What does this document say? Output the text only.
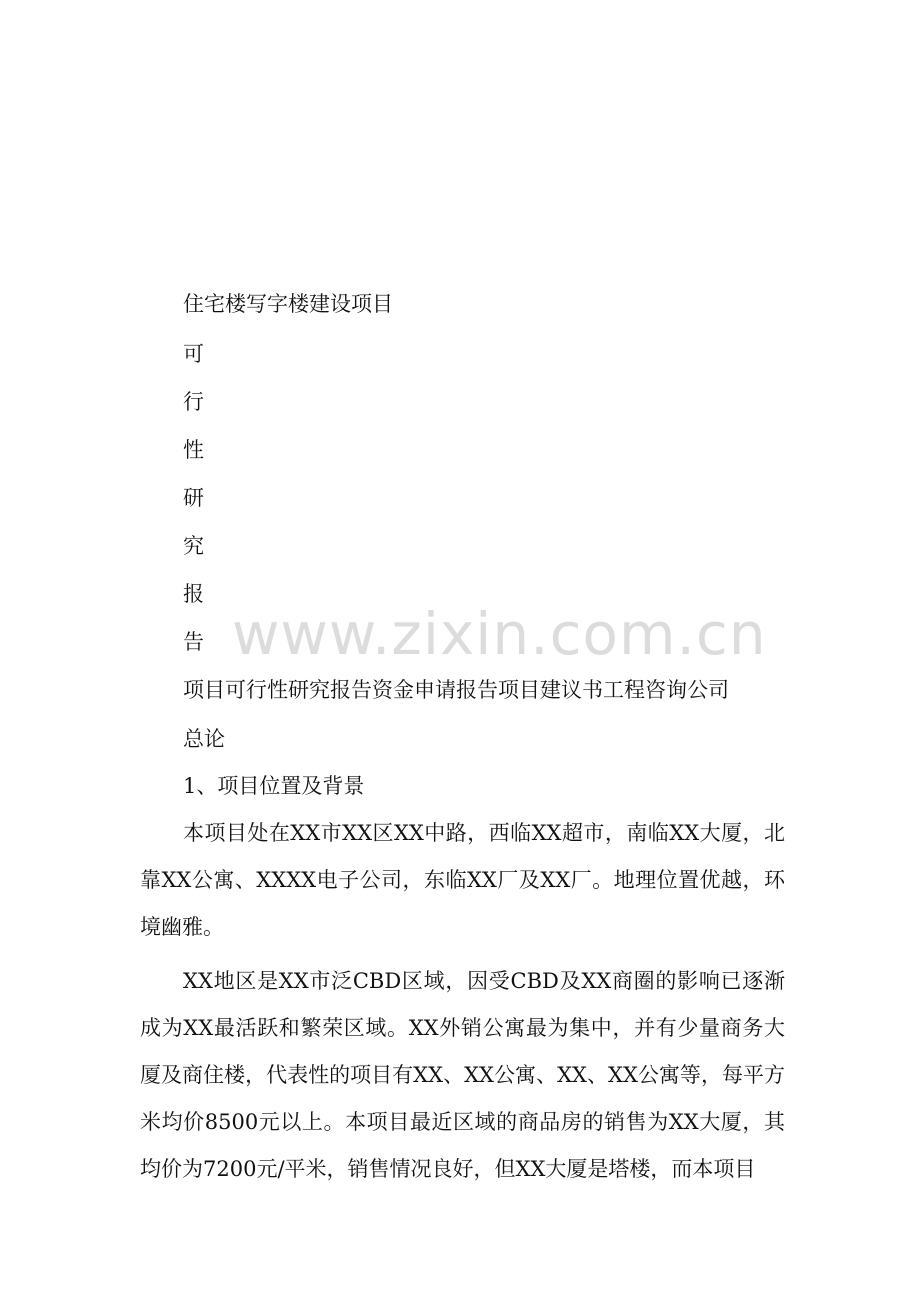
住宅楼写字楼建设项目
可
行
性
研
究
报
告
项目可行性研究报告资金申请报告项目建议书工程咨询公司
总论
1、项目位置及背景

本项目处在XX市XX区XX中路，西临XX超市，南临XX大厦，北靠XX公寓、XXXX电子公司，东临XX厂及XX厂。地理位置优越，环境幽雅。

XX地区是XX市泛CBD区域，因受CBD及XX商圈的影响已逐渐成为XX最活跃和繁荣区域。XX外销公寓最为集中，并有少量商务大厦及商住楼，代表性的项目有XX、XX公寓、XX、XX公寓等，每平方米均价8500元以上。本项目最近区域的商品房的销售为XX大厦，其均价为7200元/平米，销售情况良好，但XX大厦是塔楼，而本项目

www.zixin.com.cn
